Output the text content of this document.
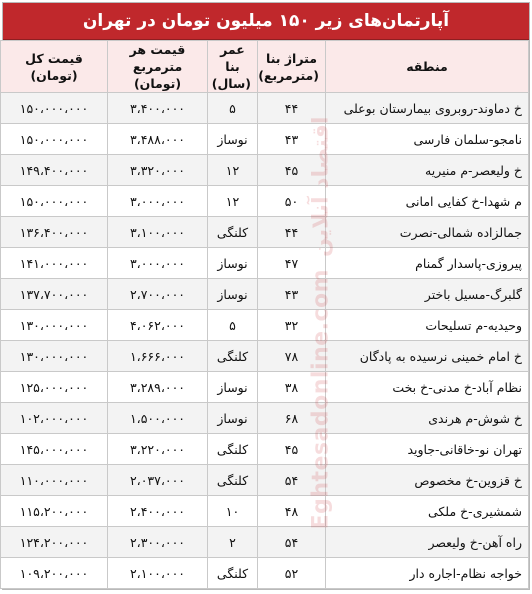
آپارتمان‌های زیر ۱۵۰ میلیون تومان در تهران
منطقه	متراژ بنا (مترمربع)	عمر بنا (سال)	قیمت هر مترمربع (تومان)	قیمت کل (تومان)
خ دماوند-روبروی بیمارستان بوعلی	۴۴	۵	۳،۴۰۰،۰۰۰	۱۵۰،۰۰۰،۰۰۰
نامجو-سلمان فارسی	۴۳	نوساز	۳،۴۸۸،۰۰۰	۱۵۰،۰۰۰،۰۰۰
خ ولیعصر-م منیریه	۴۵	۱۲	۳،۳۲۰،۰۰۰	۱۴۹،۴۰۰،۰۰۰
م شهدا-خ کفایی امانی	۵۰	۱۲	۳،۰۰۰،۰۰۰	۱۵۰،۰۰۰،۰۰۰
جمالزاده شمالی-نصرت	۴۴	کلنگی	۳،۱۰۰،۰۰۰	۱۳۶،۴۰۰،۰۰۰
پیروزی-پاسدار گمنام	۴۷	نوساز	۳،۰۰۰،۰۰۰	۱۴۱،۰۰۰،۰۰۰
گلبرگ-مسیل باختر	۴۳	نوساز	۲،۷۰۰،۰۰۰	۱۳۷،۷۰۰،۰۰۰
وحیدیه-م تسلیحات	۳۲	۵	۴،۰۶۲،۰۰۰	۱۳۰،۰۰۰،۰۰۰
خ امام خمینی نرسیده به پادگان	۷۸	کلنگی	۱،۶۶۶،۰۰۰	۱۳۰،۰۰۰،۰۰۰
نظام آباد-خ مدنی-خ بخت	۳۸	نوساز	۳،۲۸۹،۰۰۰	۱۲۵،۰۰۰،۰۰۰
خ شوش-م هرندی	۶۸	نوساز	۱،۵۰۰،۰۰۰	۱۰۲،۰۰۰،۰۰۰
تهران نو-خاقانی-جاوید	۴۵	کلنگی	۳،۲۲۰،۰۰۰	۱۴۵،۰۰۰،۰۰۰
خ قزوین-خ مخصوص	۵۴	کلنگی	۲،۰۳۷،۰۰۰	۱۱۰،۰۰۰،۰۰۰
شمشیری-خ ملکی	۴۸	۱۰	۲،۴۰۰،۰۰۰	۱۱۵،۲۰۰،۰۰۰
راه آهن-خ ولیعصر	۵۴	۲	۲،۳۰۰،۰۰۰	۱۲۴،۲۰۰،۰۰۰
خواجه نظام-اجاره دار	۵۲	کلنگی	۲،۱۰۰،۰۰۰	۱۰۹،۲۰۰،۰۰۰
